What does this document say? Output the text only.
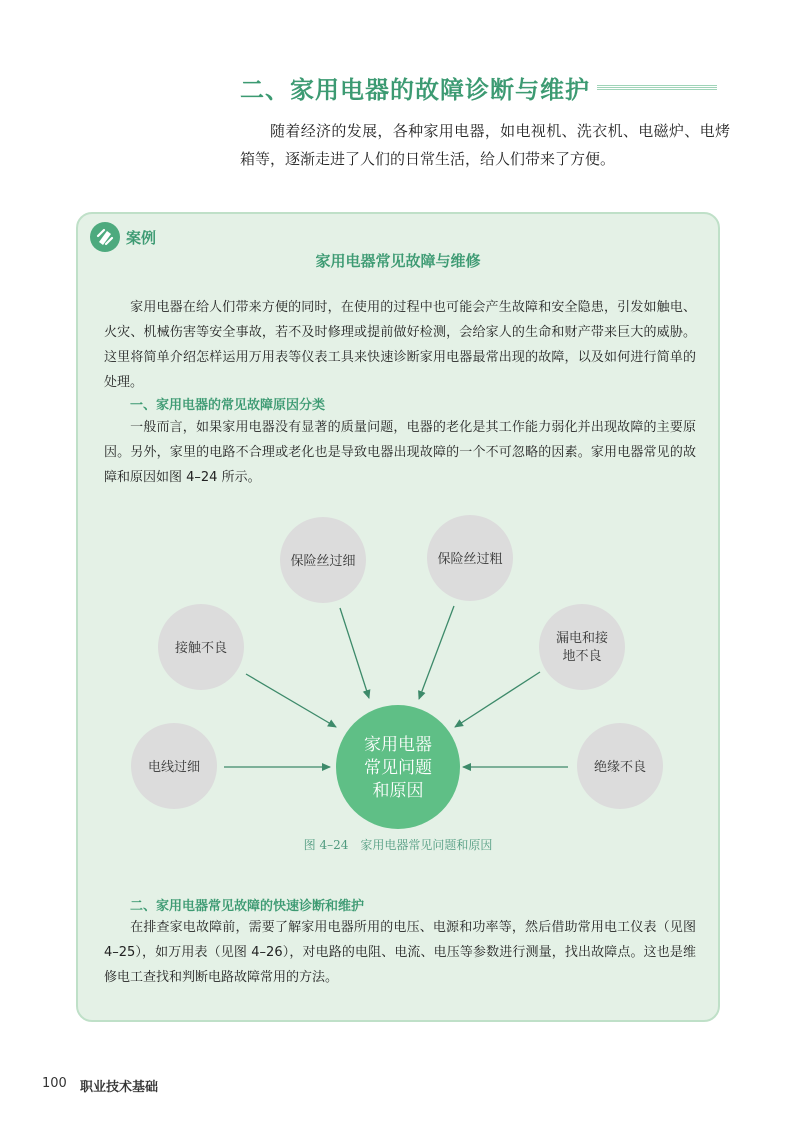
二、家用电器的故障诊断与维护
随着经济的发展，各种家用电器，如电视机、洗衣机、电磁炉、电烤箱等，逐渐走进了人们的日常生活，给人们带来了方便。
案例
家用电器常见故障与维修
家用电器在给人们带来方便的同时，在使用的过程中也可能会产生故障和安全隐患，引发如触电、火灾、机械伤害等安全事故，若不及时修理或提前做好检测，会给家人的生命和财产带来巨大的威胁。这里将简单介绍怎样运用万用表等仪表工具来快速诊断家用电器最常出现的故障，以及如何进行简单的处理。
一、家用电器的常见故障原因分类
一般而言，如果家用电器没有显著的质量问题，电器的老化是其工作能力弱化并出现故障的主要原因。另外，家里的电路不合理或老化也是导致电器出现故障的一个不可忽略的因素。家用电器常见的故障和原因如图 4–24 所示。
保险丝过细	保险丝过粗
接触不良
漏电和接
地不良
电线过细	绝缘不良
家用电器
常见问题
和原因
图 4–24　家用电器常见问题和原因
二、家用电器常见故障的快速诊断和维护
在排查家电故障前，需要了解家用电器所用的电压、电源和功率等，然后借助常用电工仪表（见图 4–25），如万用表（见图 4–26），对电路的电阻、电流、电压等参数进行测量，找出故障点。这也是维修电工查找和判断电路故障常用的方法。
100 职业技术基础
